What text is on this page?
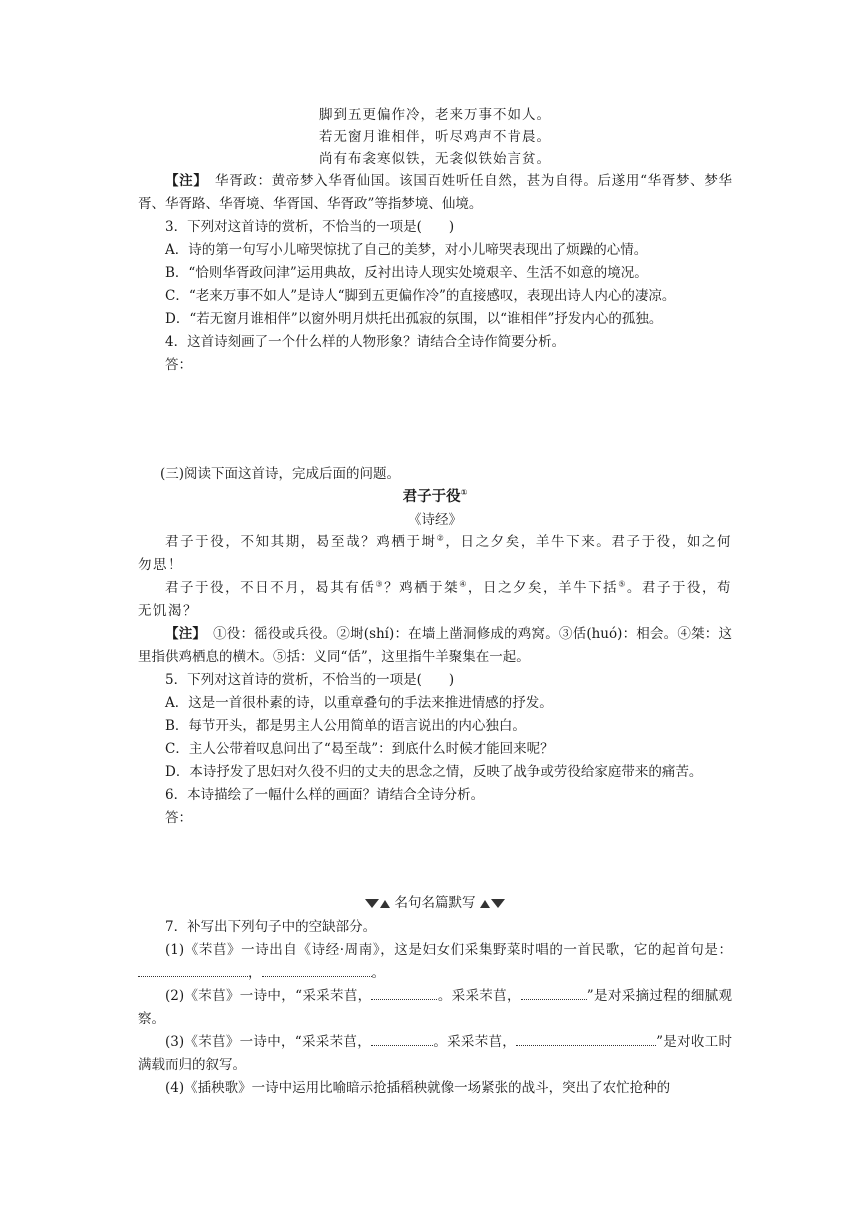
脚到五更偏作冷，老来万事不如人。
若无窗月谁相伴，听尽鸡声不肯晨。
尚有布衾寒似铁，无衾似铁始言贫。

【注】　 华胥政：黄帝梦入华胥仙国。该国百姓听任自然，甚为自得。后遂用“华胥梦、梦华胥、华胥路、华胥境、华胥国、华胥政”等指梦境、仙境。

3．下列对这首诗的赏析，不恰当的一项是(　　)

A．诗的第一句写小儿啼哭惊扰了自己的美梦，对小儿啼哭表现出了烦躁的心情。

B．“恰则华胥政问津”运用典故，反衬出诗人现实处境艰辛、生活不如意的境况。

C．“老来万事不如人”是诗人“脚到五更偏作冷”的直接感叹，表现出诗人内心的凄凉。

D．“若无窗月谁相伴”以窗外明月烘托出孤寂的氛围，以“谁相伴”抒发内心的孤独。

4．这首诗刻画了一个什么样的人物形象？请结合全诗作简要分析。

答：

(三)阅读下面这首诗，完成后面的问题。

君子于役①
《诗经》

君子于役，不知其期，曷至哉？鸡栖于埘②，日之夕矣，羊牛下来。君子于役，如之何勿思！

君子于役，不日不月，曷其有佸③？鸡栖于桀④，日之夕矣，羊牛下括⑤。君子于役，苟无饥渴？

【注】　 ①役：徭役或兵役。②埘(shí)：在墙上凿洞修成的鸡窝。③佸(huó)：相会。④桀：这里指供鸡栖息的横木。⑤括：义同“佸”，这里指牛羊聚集在一起。

5．下列对这首诗的赏析，不恰当的一项是(　　)

A．这是一首很朴素的诗，以重章叠句的手法来推进情感的抒发。

B．每节开头，都是男主人公用简单的语言说出的内心独白。

C．主人公带着叹息问出了“曷至哉”：到底什么时候才能回来呢？

D．本诗抒发了思妇对久役不归的丈夫的思念之情，反映了战争或劳役给家庭带来的痛苦。

6．本诗描绘了一幅什么样的画面？请结合全诗分析。

答：

名句名篇默写

7．补写出下列句子中的空缺部分。

(1)《芣苢》一诗出自《诗经·周南》，这是妇女们采集野菜时唱的一首民歌，它的起首句是：，	。

(2)《芣苢》一诗中，“采采芣苢，	。采采芣苢，	”是对采摘过程的细腻观察。

(3)《芣苢》一诗中，“采采芣苢，	。采采芣苢，	”是对收工时满载而归的叙写。

(4)《插秧歌》一诗中运用比喻暗示抢插稻秧就像一场紧张的战斗，突出了农忙抢种的
